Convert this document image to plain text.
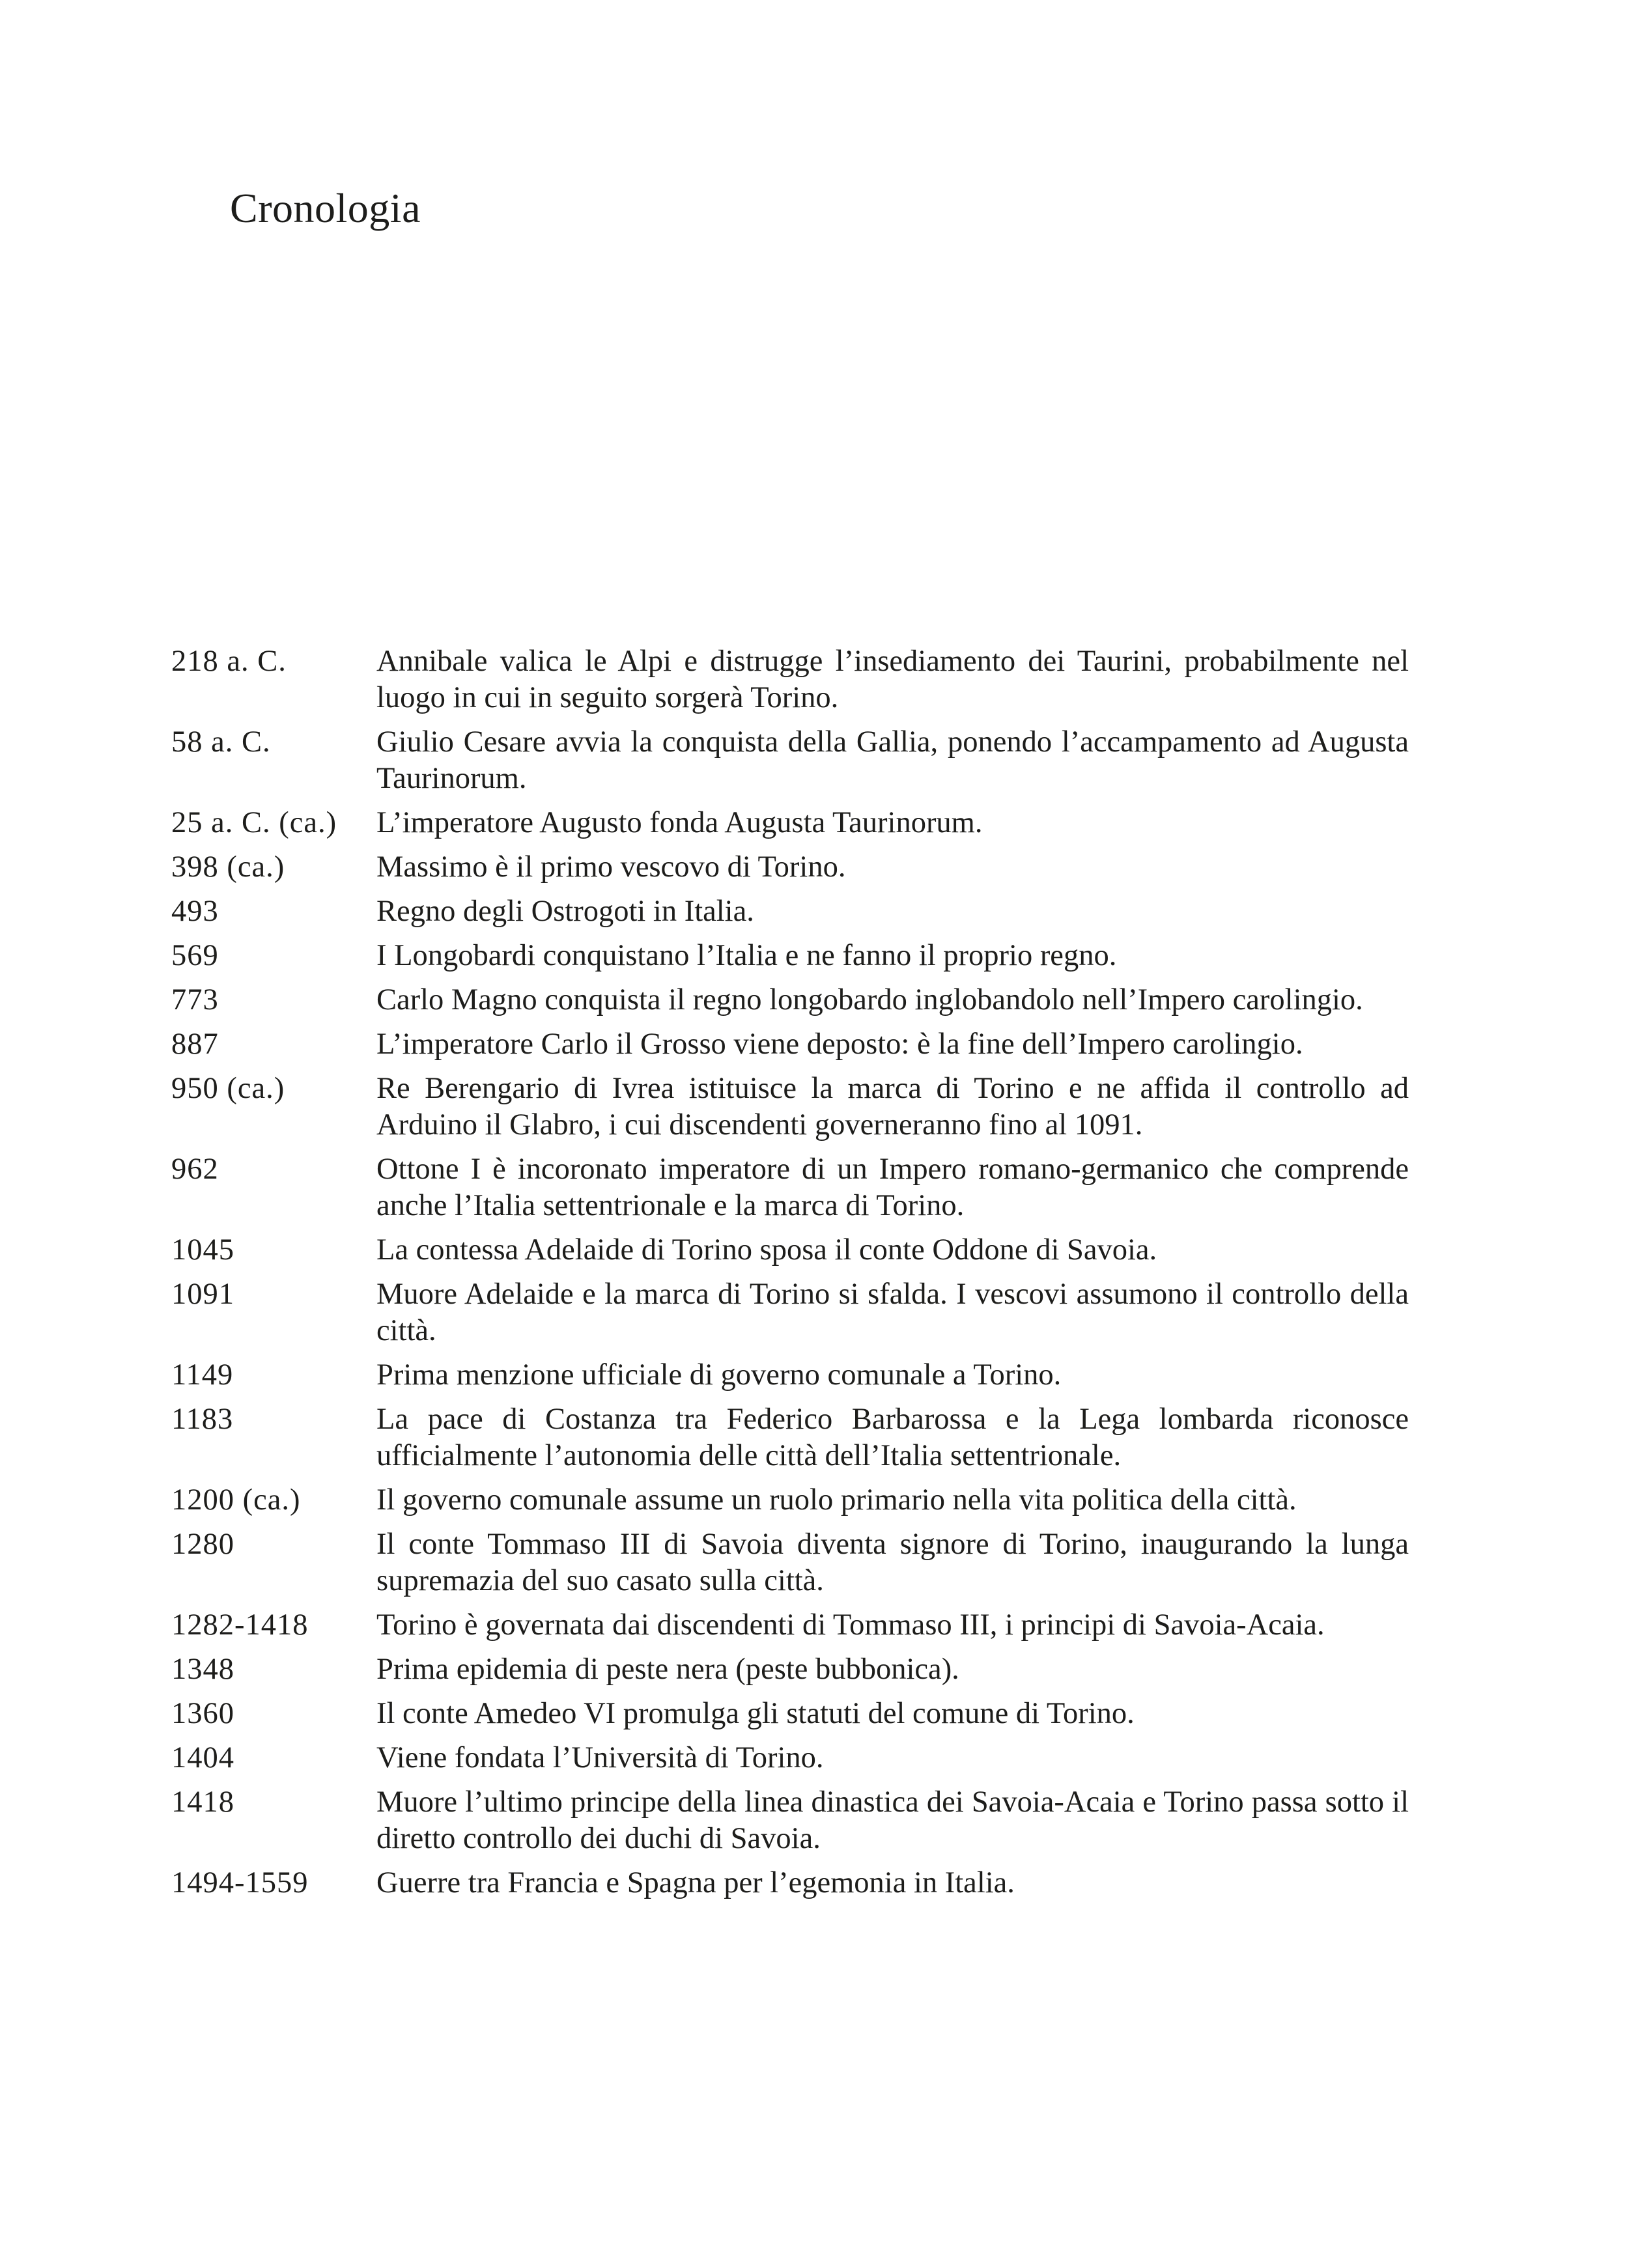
Cronologia
218 a. C.	Annibale valica le Alpi e distrugge l’insediamento dei Taurini, probabilmente nel luogo in cui in seguito sorgerà Torino.
58 a. C.	Giulio Cesare avvia la conquista della Gallia, ponendo l’accampamento ad Augusta Taurinorum.
25 a. C. (ca.)	L’imperatore Augusto fonda Augusta Taurinorum.
398 (ca.)	Massimo è il primo vescovo di Torino.
493	Regno degli Ostrogoti in Italia.
569	I Longobardi conquistano l’Italia e ne fanno il proprio regno.
773	Carlo Magno conquista il regno longobardo inglobandolo nell’Impero carolingio.
887	L’imperatore Carlo il Grosso viene deposto: è la fine dell’Impero carolingio.
950 (ca.)	Re Berengario di Ivrea istituisce la marca di Torino e ne affida il controllo ad Arduino il Glabro, i cui discendenti governeranno fino al 1091.
962	Ottone I è incoronato imperatore di un Impero romano-germanico che comprende anche l’Italia settentrionale e la marca di Torino.
1045	La contessa Adelaide di Torino sposa il conte Oddone di Savoia.
1091	Muore Adelaide e la marca di Torino si sfalda. I vescovi assumono il controllo della città.
1149	Prima menzione ufficiale di governo comunale a Torino.
1183	La pace di Costanza tra Federico Barbarossa e la Lega lombarda riconosce ufficialmente l’autonomia delle città dell’Italia settentrionale.
1200 (ca.)	Il governo comunale assume un ruolo primario nella vita politica della città.
1280	Il conte Tommaso III di Savoia diventa signore di Torino, inaugurando la lunga supremazia del suo casato sulla città.
1282-1418	Torino è governata dai discendenti di Tommaso III, i principi di Savoia-Acaia.
1348	Prima epidemia di peste nera (peste bubbonica).
1360	Il conte Amedeo VI promulga gli statuti del comune di Torino.
1404	Viene fondata l’Università di Torino.
1418	Muore l’ultimo principe della linea dinastica dei Savoia-Acaia e Torino passa sotto il diretto controllo dei duchi di Savoia.
1494-1559	Guerre tra Francia e Spagna per l’egemonia in Italia.
